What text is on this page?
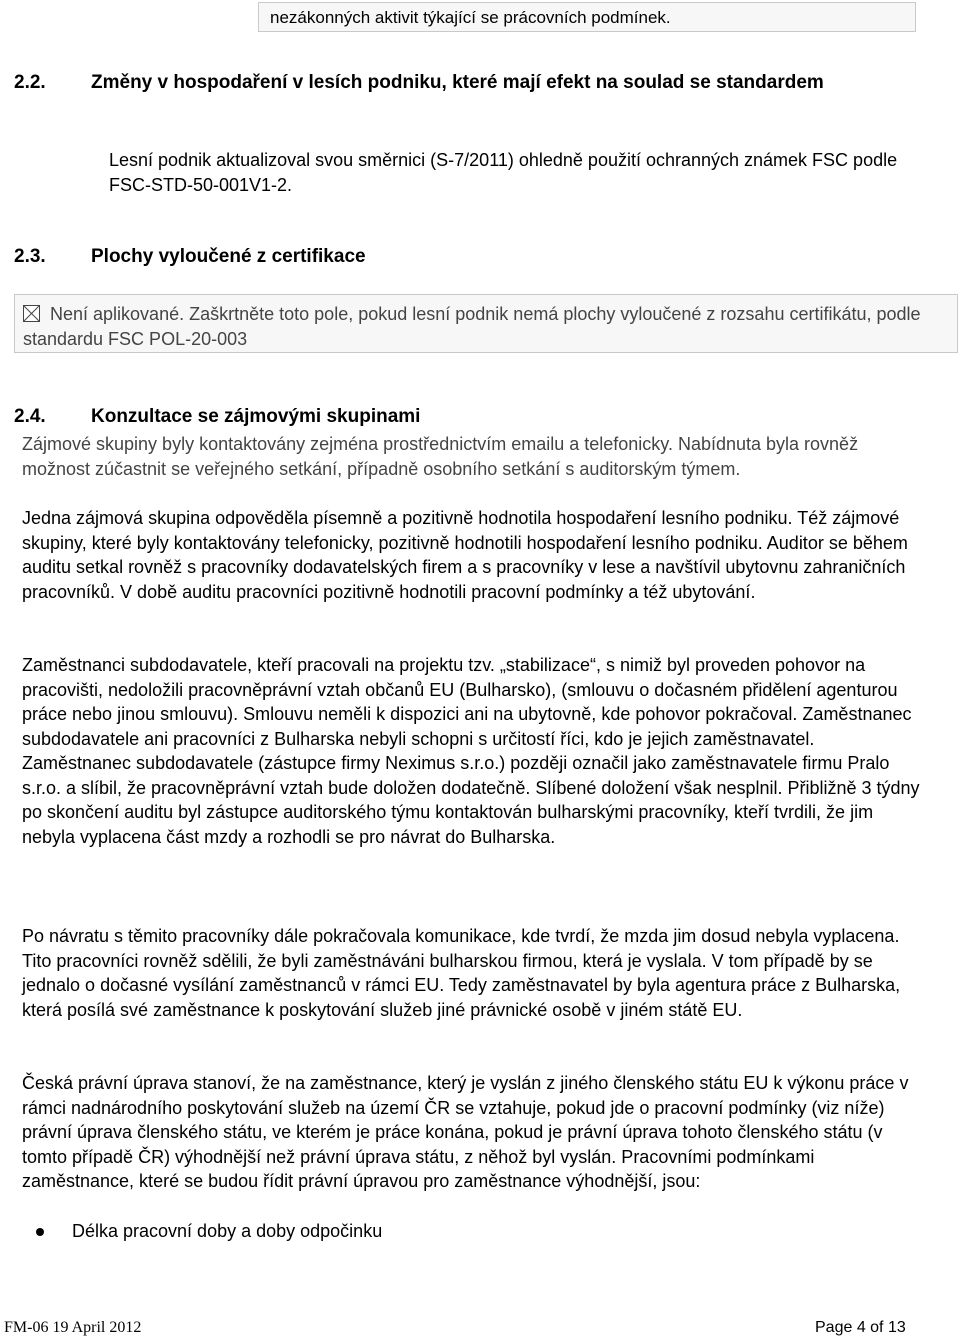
nezákonných aktivit týkající se prácovních podmínek.
2.2. Změny v hospodaření v lesích podniku, které mají efekt na soulad se standardem
Lesní podnik aktualizoval svou směrnici (S-7/2011) ohledně použití ochranných známek FSC podle FSC-STD-50-001V1-2.
2.3. Plochy vyloučené z certifikace
Není aplikované. Zaškrtněte toto pole, pokud lesní podnik nemá plochy vyloučené z rozsahu certifikátu, podle standardu FSC POL-20-003
2.4. Konzultace se zájmovými skupinami

Zájmové skupiny byly kontaktovány zejména prostřednictvím emailu a telefonicky. Nabídnuta byla rovněž možnost zúčastnit se veřejného setkání, případně osobního setkání s auditorským týmem.

Jedna zájmová skupina odpověděla písemně a pozitivně hodnotila hospodaření lesního podniku. Též zájmové skupiny, které byly kontaktovány telefonicky, pozitivně hodnotili hospodaření lesního podniku. Auditor se během auditu setkal rovněž s pracovníky dodavatelských firem a s pracovníky v lese a navštívil ubytovnu zahraničních pracovníků. V době auditu pracovníci pozitivně hodnotili pracovní podmínky a též ubytování.

Zaměstnanci subdodavatele, kteří pracovali na projektu tzv. „stabilizace“, s nimiž byl proveden pohovor na pracovišti, nedoložili pracovněprávní vztah občanů EU (Bulharsko), (smlouvu o dočasném přidělení agenturou práce nebo jinou smlouvu). Smlouvu neměli k dispozici ani na ubytovně, kde pohovor pokračoval. Zaměstnanec subdodavatele ani pracovníci z Bulharska nebyli schopni s určitostí říci, kdo je jejich zaměstnavatel. Zaměstnanec subdodavatele (zástupce firmy Neximus s.r.o.) později označil jako zaměstnavatele firmu Pralo s.r.o. a slíbil, že pracovněprávní vztah bude doložen dodatečně. Slíbené doložení však nesplnil. Přibližně 3 týdny po skončení auditu byl zástupce auditorského týmu kontaktován bulharskými pracovníky, kteří tvrdili, že jim nebyla vyplacena část mzdy a rozhodli se pro návrat do Bulharska.

Po návratu s těmito pracovníky dále pokračovala komunikace, kde tvrdí, že mzda jim dosud nebyla vyplacena. Tito pracovníci rovněž sdělili, že byli zaměstnáváni bulharskou firmou, která je vyslala. V tom případě by se jednalo o dočasné vysílání zaměstnanců v rámci EU. Tedy zaměstnavatel by byla agentura práce z Bulharska, která posílá své zaměstnance k poskytování služeb jiné právnické osobě v jiném státě EU.

Česká právní úprava stanoví, že na zaměstnance, který je vyslán z jiného členského státu EU k výkonu práce v rámci nadnárodního poskytování služeb na území ČR se vztahuje, pokud jde o pracovní podmínky (viz níže) právní úprava členského státu, ve kterém je práce konána, pokud je právní úprava tohoto členského státu (v tomto případě ČR) výhodnější než právní úprava státu, z něhož byl vyslán. Pracovními podmínkami zaměstnance, které se budou řídit právní úpravou pro zaměstnance výhodnější, jsou:

Délka pracovní doby a doby odpočinku
FM-06 19 April 2012	Page 4 of 13
